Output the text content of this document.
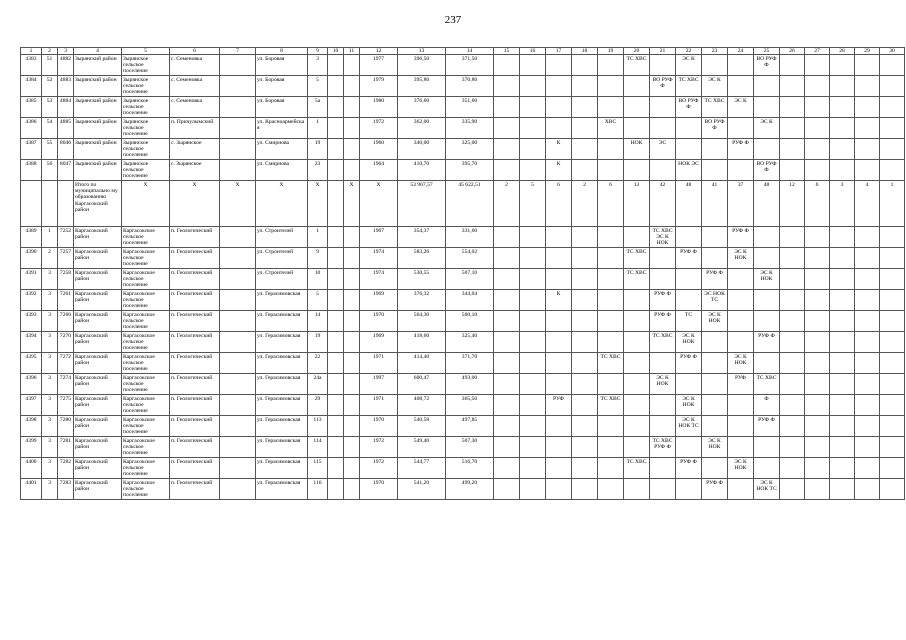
237
1	2	3	4	5	6	7	8	9	10	11	12	13	14	15	16	17	18	19	20	21	22	23	24	25	26	27	28	29	30
4383	51	4882	Зырянский район	Зырянское сельское поселение	с. Семеновка		ул. Боровая	3			1977	396,50	371,50						ТС ХВС		ЭС К			ВО РУФ Ф					
4384	52	4883	Зырянский район	Зырянское сельское поселение	с. Семеновка		ул. Боровая	5			1979	395,80	370,80							ВО РУФ Ф	ТС ХВС	ЭС К							
4385	53	4884	Зырянский район	Зырянское сельское поселение	с. Семеновка		ул. Боровая	5а			1980	376,60	351,60								ВО РУФ Ф	ТС ХВС	ЭС К						
4386	54	4885	Зырянский район	Зырянское сельское поселение	п. Причулымский		ул. Красноармейска я	1			1972	362,00	335,90					ХВС				ВО РУФ Ф		ЭС К					
4387	55	8046	Зырянский район	Зырянское сельское поселение	с. Зырянское		ул. Смирнова	19			1960	340,00	325,00			К			НОК	ЭС			РУФ Ф						
4388	56	8047	Зырянский район	Зырянское сельское поселение	с. Зырянское		ул. Смирнова	23			1964	410,70	395,70			К					НОК ЭС			ВО РУФ Ф					
			Итого по муниципально му образованию Каргасокский район	Х	Х	Х	Х	Х		Х	Х	53 967,57	45 622,51	2	5	6	2	6	13	42	48	41	37	48	12	6	3	4	1
4389	1	7252	Каргасокский район	Каргасокское сельское поселение	п. Геологический		ул. Строителей	1			1967	354,37	331,60							ТС ХВС ЭС К НОК			РУФ Ф						
4390	2	7257	Каргасокский район	Каргасокское сельское поселение	п. Геологический		ул. Строителей	9			1974	583,26	554,02						ТС ХВС		РУФ Ф		ЭС К НОК						
4391	3	7258	Каргасокский район	Каргасокское сельское поселение	п. Геологический		ул. Строителей	10			1974	530,55	507,10						ТС ХВС			РУФ Ф		ЭС К НОК					
4392	3	7261	Каргасокский район	Каргасокское сельское поселение	п. Геологический		ул. Герасимовская	5			1969	376,32	344,04			К				РУФ Ф		ЭС НОК ТС							
4393	3	7266	Каргасокский район	Каргасокское сельское поселение	п. Геологический		ул. Герасимовская	14			1970	564,30	500,10							РУФ Ф	ТС	ЭС К НОК							
4394	3	7270	Каргасокский район	Каргасокское сельское поселение	п. Геологический		ул. Герасимовская	19			1969	418,60	325,40							ТС ХВС	ЭС К НОК			РУФ Ф					
4395	3	7272	Каргасокский район	Каргасокское сельское поселение	п. Геологический		ул. Герасимовская	22			1971	414,40	371,70					ТС ХВС			РУФ Ф		ЭС К НОК						
4396	3	7274	Каргасокский район	Каргасокское сельское поселение	п. Геологический		ул. Герасимовская	24а			1997	600,47	493,00							ЭС К НОК			РУФ	ТС ХВС					
4397	3	7275	Каргасокский район	Каргасокское сельское поселение	п. Геологический		ул. Герасимовская	29			1971	408,72	365,50			РУФ		ТС ХВС			ЭС К НОК			Ф					
4398	3	7280	Каргасокский район	Каргасокское сельское поселение	п. Геологический		ул. Герасимовская	113			1970	540,58	497,85								ЭС К НОК ТС			РУФ Ф					
4399	3	7281	Каргасокский район	Каргасокское сельское поселение	п. Геологический		ул. Герасимовская	114			1972	549,40	507,30							ТС ХВС РУФ Ф		ЭС К НОК							
4400	3	7282	Каргасокский район	Каргасокское сельское поселение	п. Геологический		ул. Герасимовская	115			1972	544,77	516,70						ТС ХВС		РУФ Ф		ЭС К НОК						
4401	3	7283	Каргасокский район	Каргасокское сельское поселение	п. Геологический		ул. Герасимовская	116			1970	541,20	499,20									РУФ Ф		ЭС К НОК ТС					
